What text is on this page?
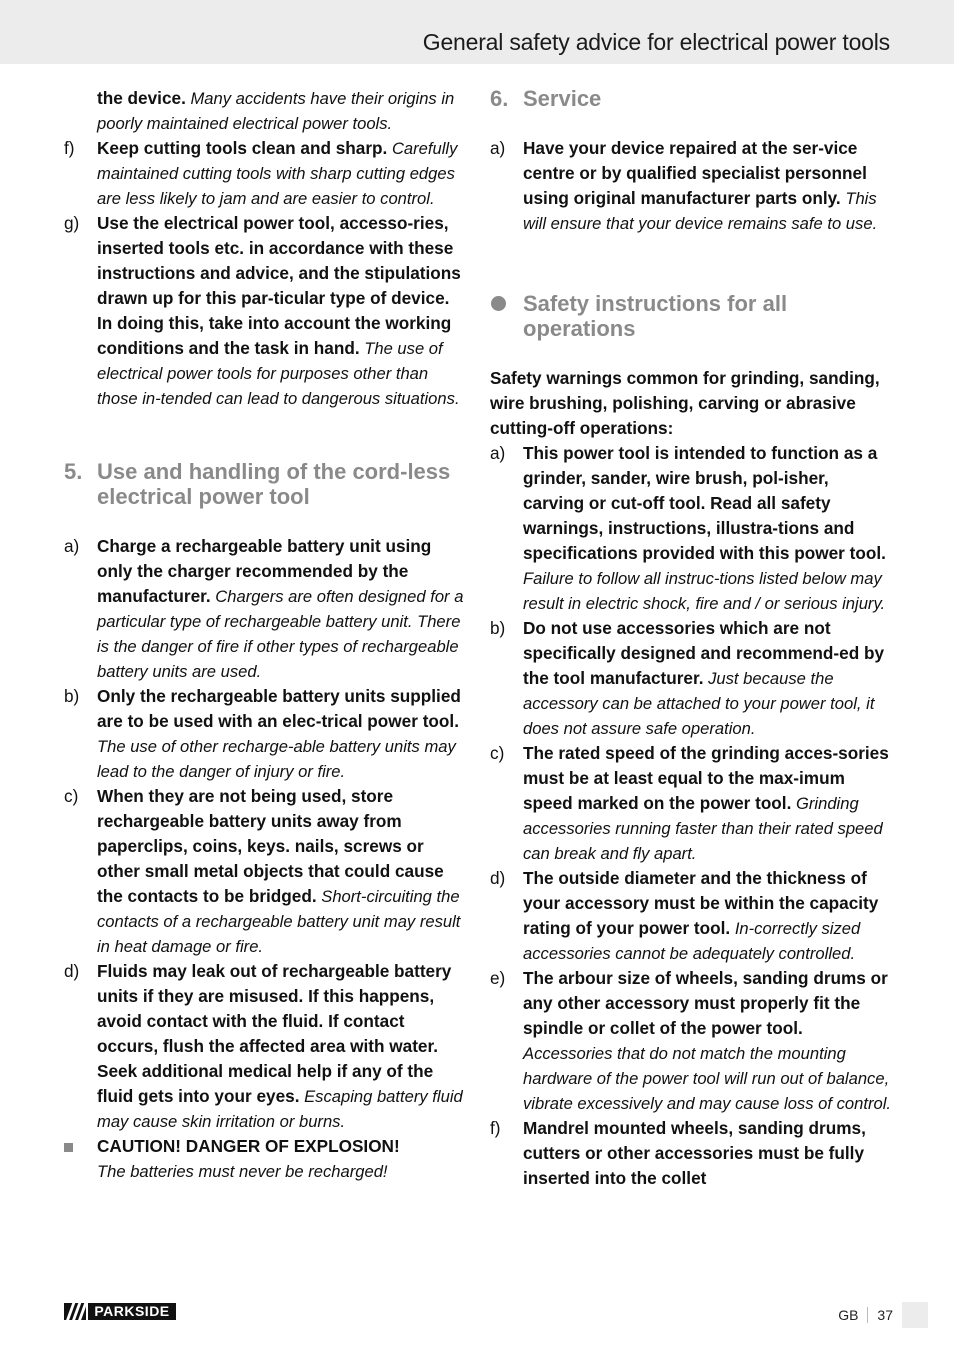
General safety advice for electrical power tools

the device. Many accidents have their origins in poorly maintained electrical power tools.

f) Keep cutting tools clean and sharp. Carefully maintained cutting tools with sharp cutting edges are less likely to jam and are easier to control.

g) Use the electrical power tool, accesso-ries, inserted tools etc. in accordance with these instructions and advice, and the stipulations drawn up for this par-ticular type of device. In doing this, take into account the working conditions and the task in hand. The use of electrical power tools for purposes other than those in-tended can lead to dangerous situations.

5. Use and handling of the cord-less electrical power tool

a) Charge a rechargeable battery unit using only the charger recommended by the manufacturer. Chargers are often designed for a particular type of rechargeable battery unit. There is the danger of fire if other types of rechargeable battery units are used.

b) Only the rechargeable battery units supplied are to be used with an elec-trical power tool. The use of other recharge-able battery units may lead to the danger of injury or fire.

c) When they are not being used, store rechargeable battery units away from paperclips, coins, keys. nails, screws or other small metal objects that could cause the contacts to be bridged. Short-circuiting the contacts of a rechargeable battery unit may result in heat damage or fire.

d) Fluids may leak out of rechargeable battery units if they are misused. If this happens, avoid contact with the fluid. If contact occurs, flush the affected area with water. Seek additional medical help if any of the fluid gets into your eyes. Escaping battery fluid may cause skin irritation or burns.

CAUTION! DANGER OF EXPLOSION!
The batteries must never be recharged!
6. Service

a) Have your device repaired at the ser-vice centre or by qualified specialist personnel using original manufacturer parts only. This will ensure that your device remains safe to use.

Safety instructions for all operations

Safety warnings common for grinding, sanding, wire brushing, polishing, carving or abrasive cutting-off operations:

a) This power tool is intended to function as a grinder, sander, wire brush, pol-isher, carving or cut-off tool. Read all safety warnings, instructions, illustra-tions and specifications provided with this power tool. Failure to follow all instruc-tions listed below may result in electric shock, fire and / or serious injury.

b) Do not use accessories which are not specifically designed and recommend-ed by the tool manufacturer. Just because the accessory can be attached to your power tool, it does not assure safe operation.

c) The rated speed of the grinding acces-sories must be at least equal to the max-imum speed marked on the power tool. Grinding accessories running faster than their rated speed can break and fly apart.

d) The outside diameter and the thickness of your accessory must be within the capacity rating of your power tool. In-correctly sized accessories cannot be adequately controlled.

e) The arbour size of wheels, sanding drums or any other accessory must properly fit the spindle or collet of the power tool. Accessories that do not match the mounting hardware of the power tool will run out of balance, vibrate excessively and may cause loss of control.

f) Mandrel mounted wheels, sanding drums, cutters or other accessories must be fully inserted into the collet

PARKSIDE	GB	37
